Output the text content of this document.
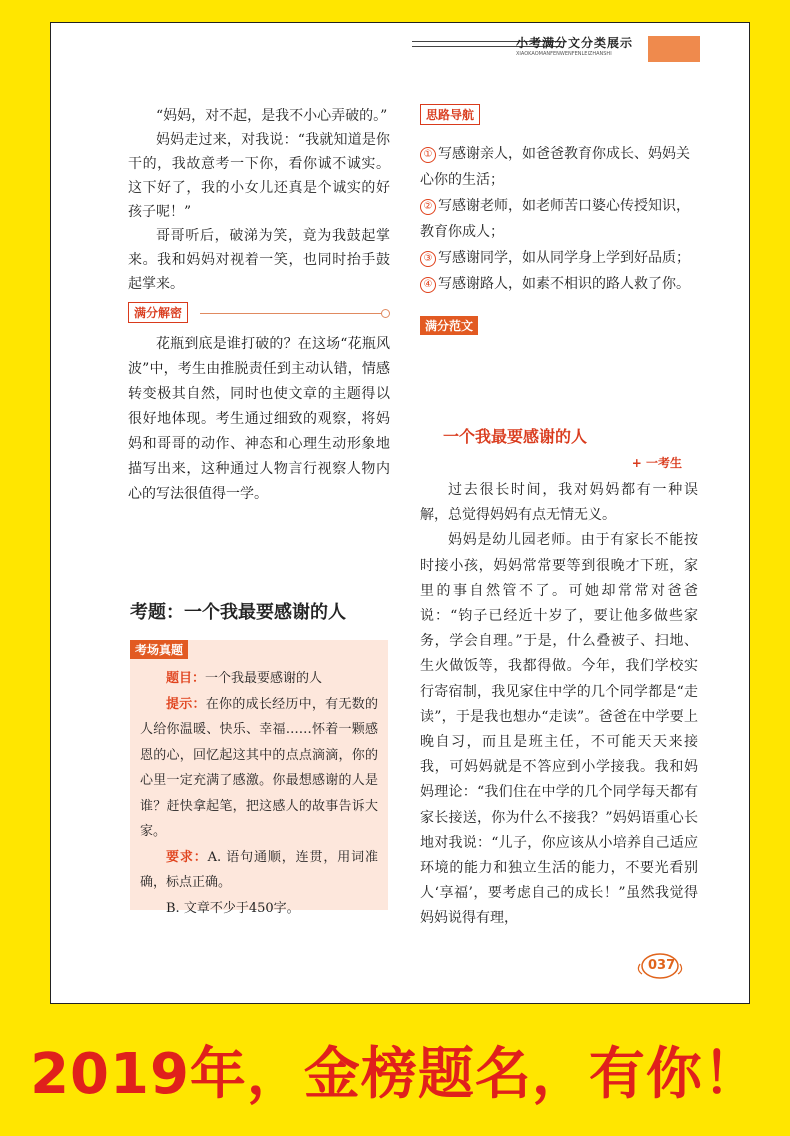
小考满分文分类展示
XIAOKAOMANFENWENFENLEIZHANSHI

“妈妈，对不起，是我不小心弄破的。”

妈妈走过来，对我说：“我就知道是你干的，我故意考一下你，看你诚不诚实。这下好了，我的小女儿还真是个诚实的好孩子呢！”

哥哥听后，破涕为笑，竟为我鼓起掌来。我和妈妈对视着一笑，也同时抬手鼓起掌来。

满分解密

花瓶到底是谁打破的？在这场“花瓶风波”中，考生由推脱责任到主动认错，情感转变极其自然，同时也使文章的主题得以很好地体现。考生通过细致的观察，将妈妈和哥哥的动作、神态和心理生动形象地描写出来，这种通过人物言行视察人物内心的写法很值得一学。

考题：一个我最要感谢的人
考场真题

题目：一个我最要感谢的人

提示：在你的成长经历中，有无数的人给你温暖、快乐、幸福……怀着一颗感恩的心，回忆起这其中的点点滴滴，你的心里一定充满了感激。你最想感谢的人是谁？赶快拿起笔，把这感人的故事告诉大家。

要求：A. 语句通顺，连贯，用词准确，标点正确。

B. 文章不少于450字。

思路导航

① 写感谢亲人，如爸爸教育你成长、妈妈关心你的生活；

② 写感谢老师，如老师苦口婆心传授知识，教育你成人；

③ 写感谢同学，如从同学身上学到好品质；

④ 写感谢路人，如素不相识的路人救了你。

满分范文
一个我最要感谢的人
+ 一考生

过去很长时间，我对妈妈都有一种误解，总觉得妈妈有点无情无义。

妈妈是幼儿园老师。由于有家长不能按时接小孩，妈妈常常要等到很晚才下班，家里的事自然管不了。可她却常常对爸爸说：“钧子已经近十岁了，要让他多做些家务，学会自理。”于是，什么叠被子、扫地、生火做饭等，我都得做。今年，我们学校实行寄宿制，我见家住中学的几个同学都是“走读”，于是我也想办“走读”。爸爸在中学要上晚自习，而且是班主任，不可能天天来接我，可妈妈就是不答应到小学接我。我和妈妈理论：“我们住在中学的几个同学每天都有家长接送，你为什么不接我？”妈妈语重心长地对我说：“儿子，你应该从小培养自己适应环境的能力和独立生活的能力，不要光看别人‘享福’，要考虑自己的成长！”虽然我觉得妈妈说得有理，

037
2019年，金榜题名，有你！
